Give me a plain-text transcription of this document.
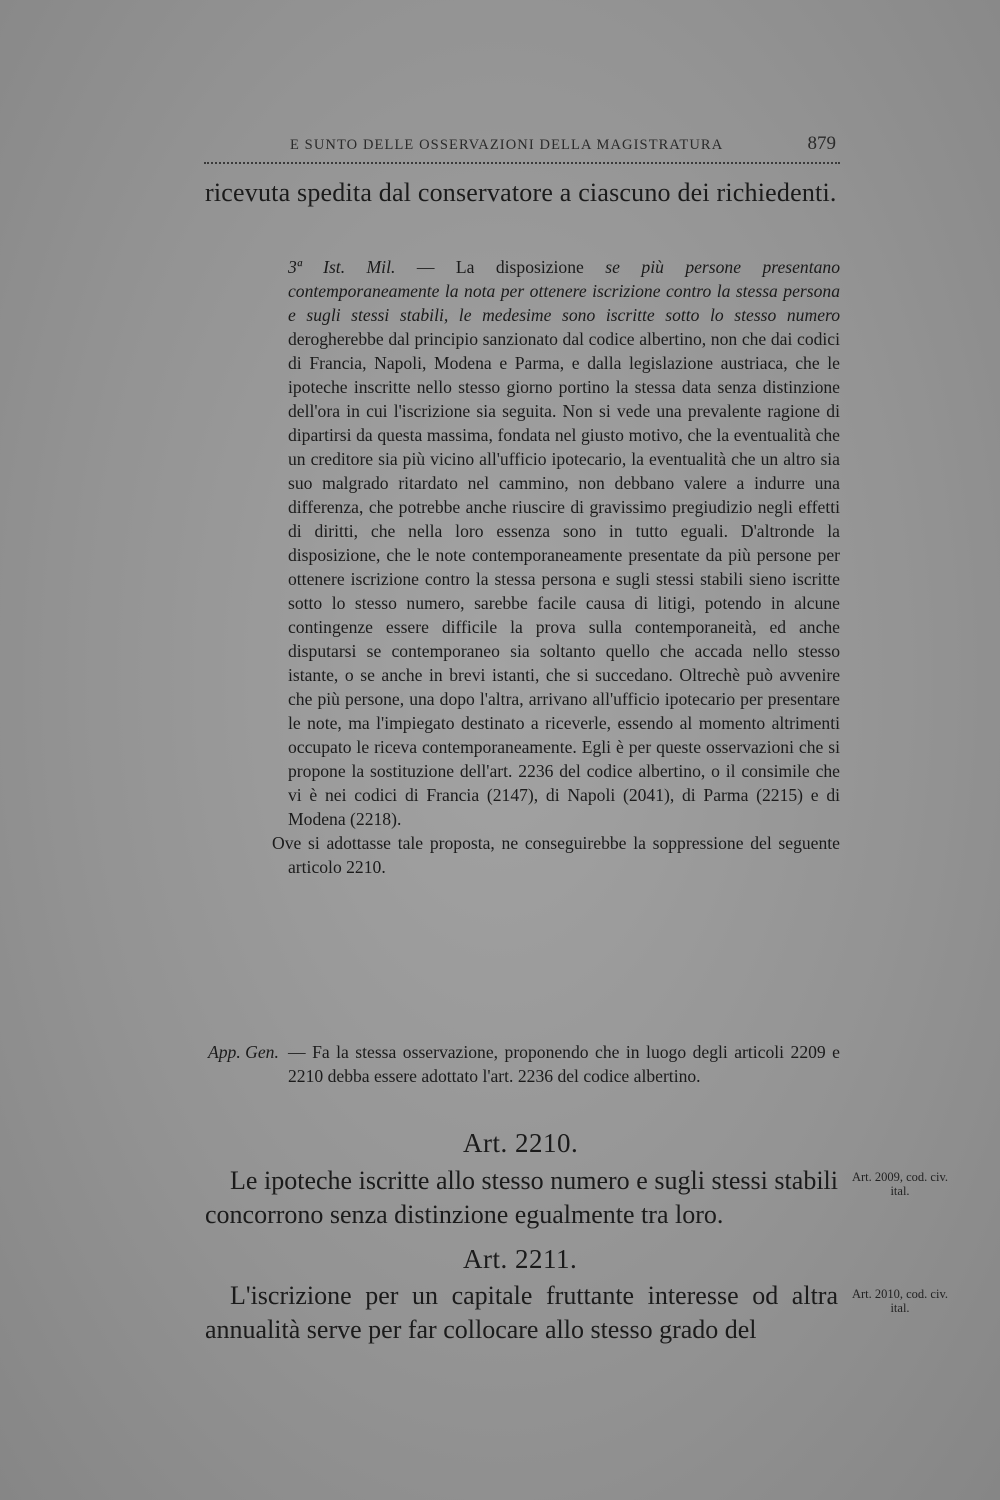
E SUNTO DELLE OSSERVAZIONI DELLA MAGISTRATURA	879
ricevuta spedita dal conservatore a ciascuno dei richiedenti.

3ª Ist. Mil. — La disposizione se più persone presentano contemporaneamente la nota per ottenere iscrizione contro la stessa persona e sugli stessi stabili, le medesime sono iscritte sotto lo stesso numero derogherebbe dal principio sanzionato dal codice albertino, non che dai codici di Francia, Napoli, Modena e Parma, e dalla legislazione austriaca, che le ipoteche inscritte nello stesso giorno portino la stessa data senza distinzione dell'ora in cui l'iscrizione sia seguita. Non si vede una prevalente ragione di dipartirsi da questa massima, fondata nel giusto motivo, che la eventualità che un creditore sia più vicino all'ufficio ipotecario, la eventualità che un altro sia suo malgrado ritardato nel cammino, non debbano valere a indurre una differenza, che potrebbe anche riuscire di gravissimo pregiudizio negli effetti di diritti, che nella loro essenza sono in tutto eguali. D'altronde la disposizione, che le note contemporaneamente presentate da più persone per ottenere iscrizione contro la stessa persona e sugli stessi stabili sieno iscritte sotto lo stesso numero, sarebbe facile causa di litigi, potendo in alcune contingenze essere difficile la prova sulla contemporaneità, ed anche disputarsi se contemporaneo sia soltanto quello che accada nello stesso istante, o se anche in brevi istanti, che si succedano. Oltrechè può avvenire che più persone, una dopo l'altra, arrivano all'ufficio ipotecario per presentare le note, ma l'impiegato destinato a riceverle, essendo al momento altrimenti occupato le riceva contemporaneamente. Egli è per queste osservazioni che si propone la sostituzione dell'art. 2236 del codice albertino, o il consimile che vi è nei codici di Francia (2147), di Napoli (2041), di Parma (2215) e di Modena (2218).

Ove si adottasse tale proposta, ne conseguirebbe la soppressione del seguente articolo 2210.

App. Gen. — Fa la stessa osservazione, proponendo che in luogo degli articoli 2209 e 2210 debba essere adottato l'art. 2236 del codice albertino.
Art. 2210.
Le ipoteche iscritte allo stesso numero e sugli stessi stabili concorrono senza distinzione egualmente tra loro.
Art. 2009, cod. civ. ital.
Art. 2211.
L'iscrizione per un capitale fruttante interesse od altra annualità serve per far collocare allo stesso grado del
Art. 2010, cod. civ. ital.
